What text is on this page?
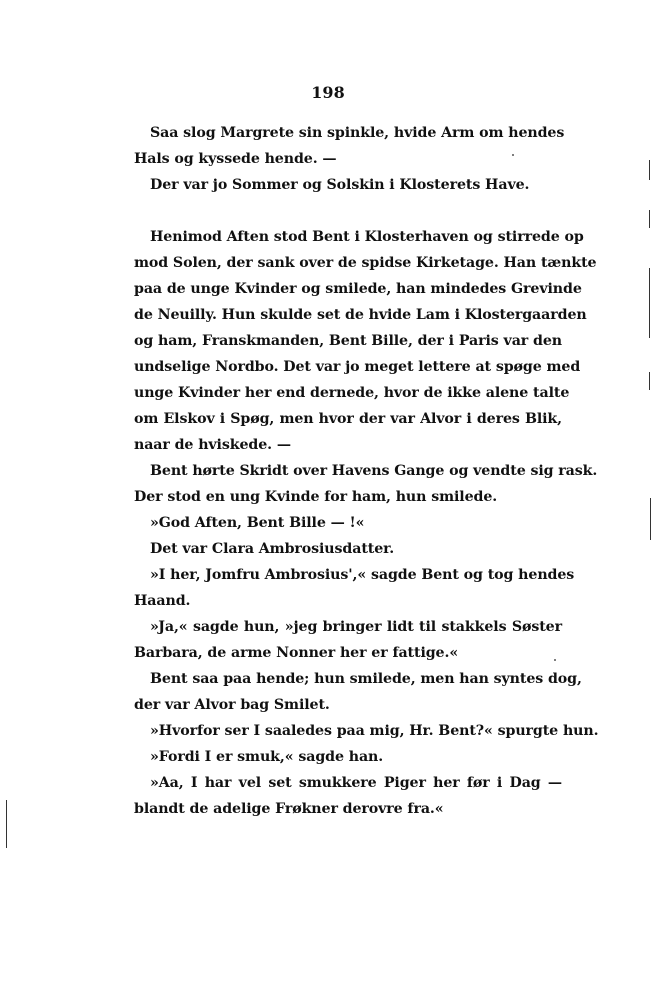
198
Saa slog Margrete sin spinkle, hvide Arm om hendes
Hals og kyssede hende. —
Der var jo Sommer og Solskin i Klosterets Have.
Henimod Aften stod Bent i Klosterhaven og stirrede op
mod Solen, der sank over de spidse Kirketage. Han tænkte
paa de unge Kvinder og smilede, han mindedes Grevinde
de Neuilly. Hun skulde set de hvide Lam i Klostergaarden
og ham, Franskmanden, Bent Bille, der i Paris var den
undselige Nordbo. Det var jo meget lettere at spøge med
unge Kvinder her end dernede, hvor de ikke alene talte
om Elskov i Spøg, men hvor der var Alvor i deres Blik,
naar de hviskede. —
Bent hørte Skridt over Havens Gange og vendte sig rask.
Der stod en ung Kvinde for ham, hun smilede.
»God Aften, Bent Bille — !«
Det var Clara Ambrosiusdatter.
»I her, Jomfru Ambrosius',« sagde Bent og tog hendes
Haand.
»Ja,« sagde hun, »jeg bringer lidt til stakkels Søster
Barbara, de arme Nonner her er fattige.«
Bent saa paa hende; hun smilede, men han syntes dog,
der var Alvor bag Smilet.
»Hvorfor ser I saaledes paa mig, Hr. Bent?« spurgte hun.
»Fordi I er smuk,« sagde han.
»Aa, I har vel set smukkere Piger her før i Dag —
blandt de adelige Frøkner derovre fra.«
